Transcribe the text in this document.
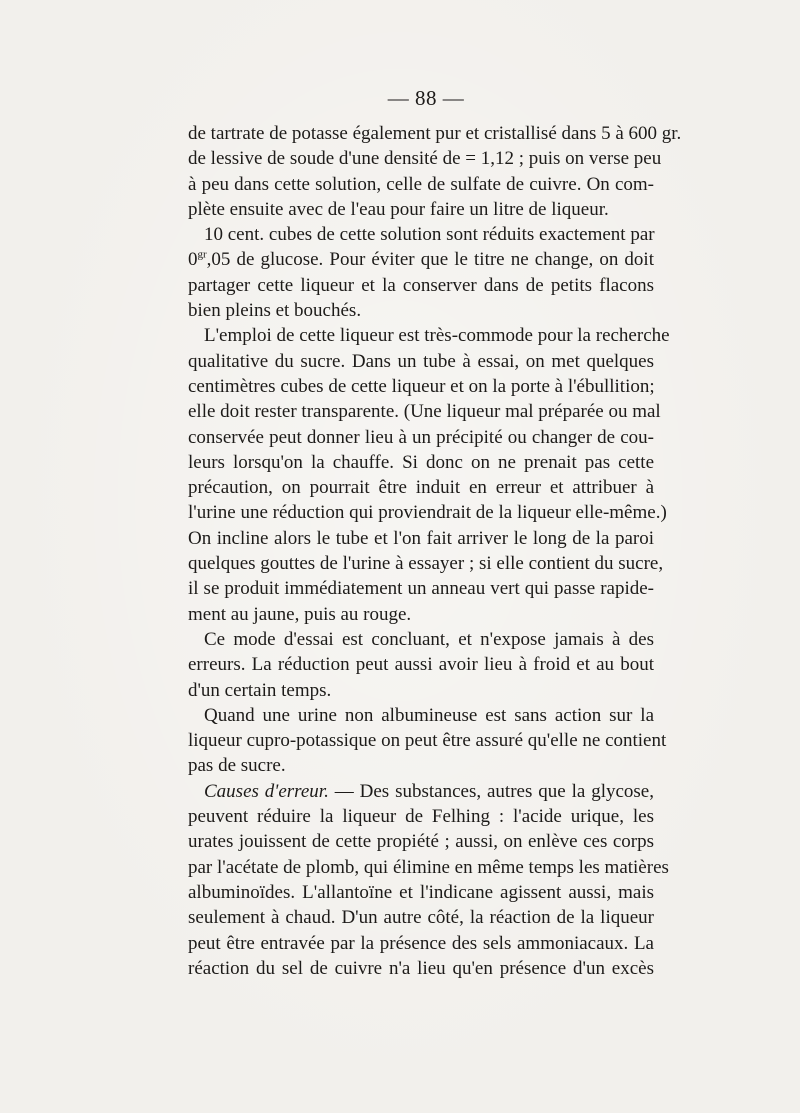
— 88 —
de tartrate de potasse également pur et cristallisé dans 5 à 600 gr.
de lessive de soude d'une densité de = 1,12 ; puis on verse peu
à peu dans cette solution, celle de sulfate de cuivre. On com-
plète ensuite avec de l'eau pour faire un litre de liqueur.
10 cent. cubes de cette solution sont réduits exactement par
$0^{gr},05$ de glucose. Pour éviter que le titre ne change, on doit
partager cette liqueur et la conserver dans de petits flacons
bien pleins et bouchés.
L'emploi de cette liqueur est très-commode pour la recherche
qualitative du sucre. Dans un tube à essai, on met quelques
centimètres cubes de cette liqueur et on la porte à l'ébullition;
elle doit rester transparente. (Une liqueur mal préparée ou mal
conservée peut donner lieu à un précipité ou changer de cou-
leurs lorsqu'on la chauffe. Si donc on ne prenait pas cette
précaution, on pourrait être induit en erreur et attribuer à
l'urine une réduction qui proviendrait de la liqueur elle-même.)
On incline alors le tube et l'on fait arriver le long de la paroi
quelques gouttes de l'urine à essayer ; si elle contient du sucre,
il se produit immédiatement un anneau vert qui passe rapide-
ment au jaune, puis au rouge.
Ce mode d'essai est concluant, et n'expose jamais à des
erreurs. La réduction peut aussi avoir lieu à froid et au bout
d'un certain temps.
Quand une urine non albumineuse est sans action sur la
liqueur cupro-potassique on peut être assuré qu'elle ne contient
pas de sucre.
Causes d'erreur. — Des substances, autres que la glycose,
peuvent réduire la liqueur de Felhing : l'acide urique, les
urates jouissent de cette propiété ; aussi, on enlève ces corps
par l'acétate de plomb, qui élimine en même temps les matières
albuminoïdes. L'allantoïne et l'indicane agissent aussi, mais
seulement à chaud. D'un autre côté, la réaction de la liqueur
peut être entravée par la présence des sels ammoniacaux. La
réaction du sel de cuivre n'a lieu qu'en présence d'un excès
